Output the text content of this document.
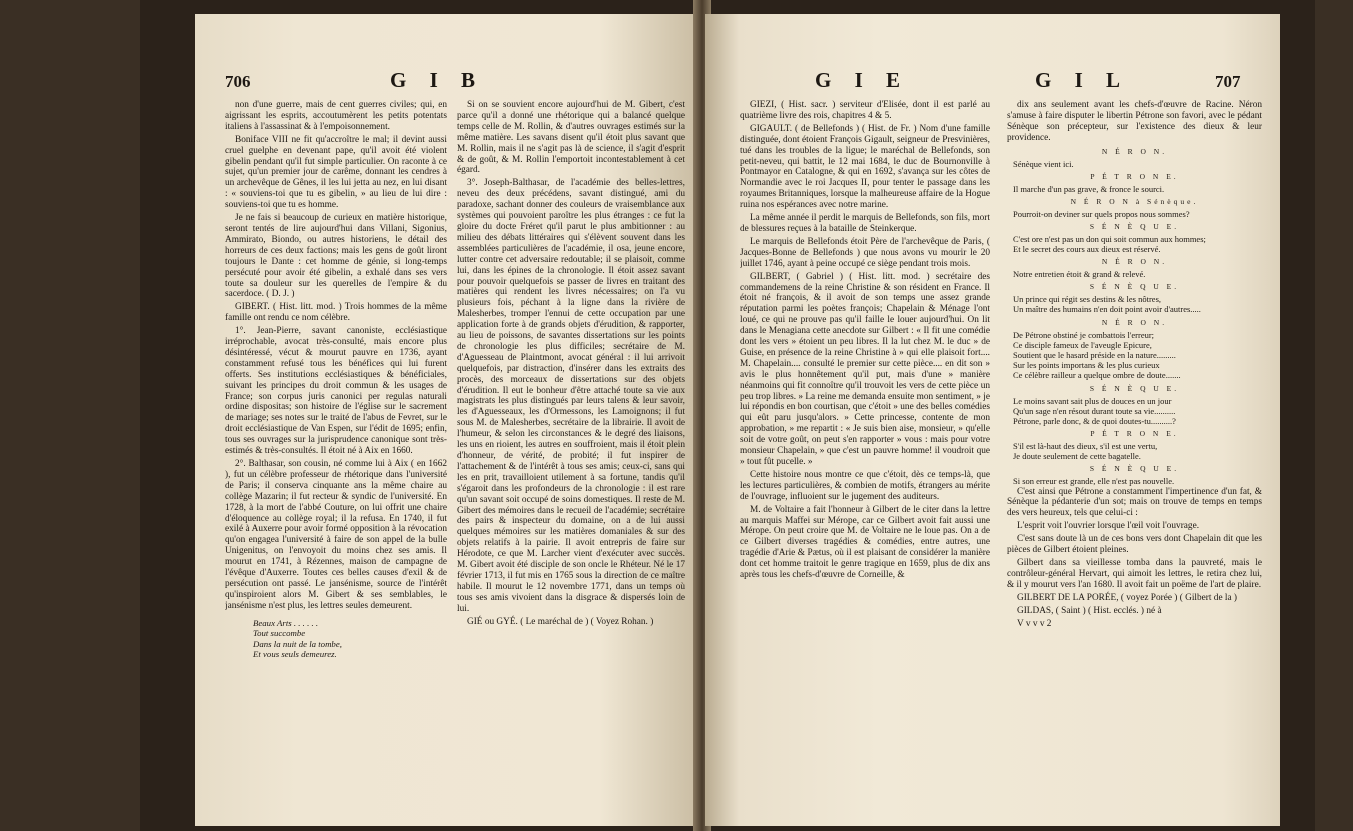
706	G I B

non d'une guerre, mais de cent guerres civiles; qui, en aigrissant les esprits, accoutumèrent les petits potentats italiens à l'assassinat & à l'empoisonnement.

Boniface VIII ne fit qu'accroître le mal; il devint aussi cruel guelphe en devenant pape, qu'il avoit été violent gibelin pendant qu'il fut simple particulier. On raconte à ce sujet, qu'un premier jour de carême, donnant les cendres à un archevêque de Gênes, il les lui jetta au nez, en lui disant : « souviens-toi que tu es gibelin, » au lieu de lui dire : souviens-toi que tu es homme.

Je ne fais si beaucoup de curieux en matière historique, seront tentés de lire aujourd'hui dans Villani, Sigonius, Ammirato, Biondo, ou autres historiens, le détail des horreurs de ces deux factions; mais les gens de goût liront toujours le Dante : cet homme de génie, si long-temps persécuté pour avoir été gibelin, a exhalé dans ses vers toute sa douleur sur les querelles de l'empire & du sacerdoce. ( D. J. )

GIBERT. ( Hist. litt. mod. ) Trois hommes de la même famille ont rendu ce nom célèbre.

1°. Jean-Pierre, savant canoniste, ecclésiastique irréprochable, avocat très-consulté, mais encore plus désintéressé, vécut & mourut pauvre en 1736, ayant constamment refusé tous les bénéfices qui lui furent offerts. Ses institutions ecclésiastiques & bénéficiales, suivant les principes du droit commun & les usages de France; son corpus juris canonici per regulas naturali ordine dispositas; son histoire de l'église sur le sacrement de mariage; ses notes sur le traité de l'abus de Fevret, sur le droit ecclésiastique de Van Espen, sur l'édit de 1695; enfin, tous ses ouvrages sur la jurisprudence canonique sont très-estimés & très-consultés. Il étoit né à Aix en 1660.

2°. Balthasar, son cousin, né comme lui à Aix ( en 1662 ), fut un célèbre professeur de rhétorique dans l'université de Paris; il conserva cinquante ans la même chaire au collège Mazarin; il fut recteur & syndic de l'université. En 1728, à la mort de l'abbé Couture, on lui offrit une chaire d'éloquence au collège royal; il la refusa. En 1740, il fut exilé à Auxerre pour avoir formé opposition à la révocation qu'on engagea l'université à faire de son appel de la bulle Unigenitus, on l'envoyoit du moins chez ses amis. Il mourut en 1741, à Rézennes, maison de campagne de l'évêque d'Auxerre. Toutes ces belles causes d'exil & de persécution ont passé. Le jansénisme, source de l'intérêt qu'inspiroient alors M. Gibert & ses semblables, le jansénisme n'est plus, les lettres seules demeurent.

Beaux Arts . . . . . .
Tout succombe
Dans la nuit de la tombe,
Et vous seuls demeurez.

Si on se souvient encore aujourd'hui de M. Gibert, c'est parce qu'il a donné une rhétorique qui a balancé quelque temps celle de M. Rollin, & d'autres ouvrages estimés sur la même matière. Les savans disent qu'il étoit plus savant que M. Rollin, mais il ne s'agit pas là de science, il s'agit d'esprit & de goût, & M. Rollin l'emportoit incontestablement à cet égard.

3°. Joseph-Balthasar, de l'académie des belles-lettres, neveu des deux précédens, savant distingué, ami du paradoxe, sachant donner des couleurs de vraisemblance aux systèmes qui pouvoient paroître les plus étranges : ce fut la gloire du docte Fréret qu'il parut le plus ambitionner : au milieu des débats littéraires qui s'élèvent souvent dans les assemblées particulières de l'académie, il osa, jeune encore, lutter contre cet adversaire redoutable; il se plaisoit, comme lui, dans les épines de la chronologie. Il étoit assez savant pour pouvoir quelquefois se passer de livres en traitant des matières qui rendent les livres nécessaires; on l'a vu plusieurs fois, péchant à la ligne dans la rivière de Malesherbes, tromper l'ennui de cette occupation par une application forte à de grands objets d'érudition, & rapporter, au lieu de poissons, de savantes dissertations sur les points de chronologie les plus difficiles; secrétaire de M. d'Aguesseau de Plaintmont, avocat général : il lui arrivoit quelquefois, par distraction, d'insérer dans les extraits des procès, des morceaux de dissertations sur des objets d'érudition. Il eut le bonheur d'être attaché toute sa vie aux magistrats les plus distingués par leurs talens & leur savoir, les d'Aguesseaux, les d'Ormessons, les Lamoignons; il fut sous M. de Malesherbes, secrétaire de la librairie. Il avoit de l'humeur, & selon les circonstances & le degré des liaisons, les uns en rioient, les autres en souffroient, mais il étoit plein d'honneur, de vérité, de probité; il fut inspirer de l'attachement & de l'intérêt à tous ses amis; ceux-ci, sans qui les en prit, travailloient utilement à sa fortune, tandis qu'il s'égaroit dans les profondeurs de la chronologie : il est rare qu'un savant soit occupé de soins domestiques. Il reste de M. Gibert des mémoires dans le recueil de l'académie; secrétaire des pairs & inspecteur du domaine, on a de lui aussi quelques mémoires sur les matières domaniales & sur des objets relatifs à la pairie. Il avoit entrepris de faire sur Hérodote, ce que M. Larcher vient d'exécuter avec succès. M. Gibert avoit été disciple de son oncle le Rhéteur. Né le 17 février 1713, il fut mis en 1765 sous la direction de ce maître habile. Il mourut le 12 novembre 1771, dans un temps où tous ses amis vivoient dans la disgrace & dispersés loin de lui.

GIÉ ou GYÉ. ( Le maréchal de ) ( Voyez Rohan. )

G I E	G I L	707

GIEZI, ( Hist. sacr. ) serviteur d'Elisée, dont il est parlé au quatrième livre des rois, chapitres 4 & 5.

GIGAULT. ( de Bellefonds ) ( Hist. de Fr. ) Nom d'une famille distinguée, dont étoient François Gigault, seigneur de Presvinières, tué dans les troubles de la ligue; le maréchal de Bellefonds, son petit-neveu, qui battit, le 12 mai 1684, le duc de Bournonville à Pontmayor en Catalogne, & qui en 1692, s'avança sur les côtes de Normandie avec le roi Jacques II, pour tenter le passage dans les royaumes Britanniques, lorsque la malheureuse affaire de la Hogue ruina nos espérances avec notre marine.

La même année il perdit le marquis de Bellefonds, son fils, mort de blessures reçues à la bataille de Steinkerque.

Le marquis de Bellefonds étoit Père de l'archevêque de Paris, ( Jacques-Bonne de Bellefonds ) que nous avons vu mourir le 20 juillet 1746, ayant à peine occupé ce siège pendant trois mois.

GILBERT, ( Gabriel ) ( Hist. litt. mod. ) secrétaire des commandemens de la reine Christine & son résident en France. Il étoit né françois, & il avoit de son temps une assez grande réputation parmi les poètes françois; Chapelain & Ménage l'ont loué, ce qui ne prouve pas qu'il faille le louer aujourd'hui. On lit dans le Menagiana cette anecdote sur Gilbert : « Il fit une comédie dont les vers » étoient un peu libres. Il la lut chez M. le duc » de Guise, en présence de la reine Christine à » qui elle plaisoit fort.... M. Chapelain.... consulté le premier sur cette pièce.... en dit son » avis le plus honnêtement qu'il put, mais d'une » manière néanmoins qui fit connoître qu'il trouvoit les vers de cette pièce un peu trop libres. » La reine me demanda ensuite mon sentiment, » je lui répondis en bon courtisan, que c'étoit » une des belles comédies qui eût paru jusqu'alors. » Cette princesse, contente de mon approbation, » me repartit : « Je suis bien aise, monsieur, » qu'elle soit de votre goût, on peut s'en rapporter » vous : mais pour votre monsieur Chapelain, » que c'est un pauvre homme! il voudroit que » tout fût pucelle. »

Cette histoire nous montre ce que c'étoit, dès ce temps-là, que les lectures particulières, & combien de motifs, étrangers au mérite de l'ouvrage, influoient sur le jugement des auditeurs.

M. de Voltaire a fait l'honneur à Gilbert de le citer dans la lettre au marquis Maffei sur Mérope, car ce Gilbert avoit fait aussi une Mérope. On peut croire que M. de Voltaire ne le loue pas. On a de ce Gilbert diverses tragédies & comédies, entre autres, une tragédie d'Arie & Pætus, où il est plaisant de considérer la manière dont cet homme traitoit le genre tragique en 1659, plus de dix ans après tous les chefs-d'œuvre de Corneille, &

dix ans seulement avant les chefs-d'œuvre de Racine. Néron s'amuse à faire disputer le libertin Pétrone son favori, avec le pédant Sénèque son précepteur, sur l'existence des dieux & leur providence.

N É R O N.
Sénèque vient ici.
P É T R O N E.
Il marche d'un pas grave, & fronce le sourci.
N É R O N à Sénèque.
Pourroit-on deviner sur quels propos nous sommes?
S É N È Q U E.
C'est ore n'est pas un don qui soit commun aux hommes;
Et le secret des cours aux dieux est réservé.
N É R O N.
Notre entretien étoit & grand & relevé.
S É N È Q U E.
Un prince qui régit ses destins & les nôtres,
Un maître des humains n'en doit point avoir d'autres.....
N É R O N.
De Pétrone obstiné je combattois l'erreur;
Ce disciple fameux de l'aveugle Epicure,
Soutient que le hasard préside en la nature.........
Sur les points importans & les plus curieux
Ce célèbre railleur a quelque ombre de doute.......
S É N È Q U E.
Le moins savant sait plus de douces en un jour
Qu'un sage n'en résout durant toute sa vie..........
Pétrone, parle donc, & de quoi doutes-tu..........?
P É T R O N E.
S'il est là-haut des dieux, s'il est une vertu,
Je doute seulement de cette bagatelle.
S É N È Q U E.
Si son erreur est grande, elle n'est pas nouvelle.

C'est ainsi que Pétrone a constamment l'impertinence d'un fat, & Sénèque la pédanterie d'un sot; mais on trouve de temps en temps des vers heureux, tels que celui-ci :

L'esprit voit l'ouvrier lorsque l'œil voit l'ouvrage.

C'est sans doute là un de ces bons vers dont Chapelain dit que les pièces de Gilbert étoient pleines.

Gilbert dans sa vieillesse tomba dans la pauvreté, mais le contrôleur-général Hervart, qui aimoit les lettres, le retira chez lui, & il y mourut vers l'an 1680. Il avoit fait un poëme de l'art de plaire.

GILBERT DE LA PORÉE, ( voyez Porée ) ( Gilbert de la )

GILDAS, ( Saint ) ( Hist. ecclés. ) né à

V v v v 2
